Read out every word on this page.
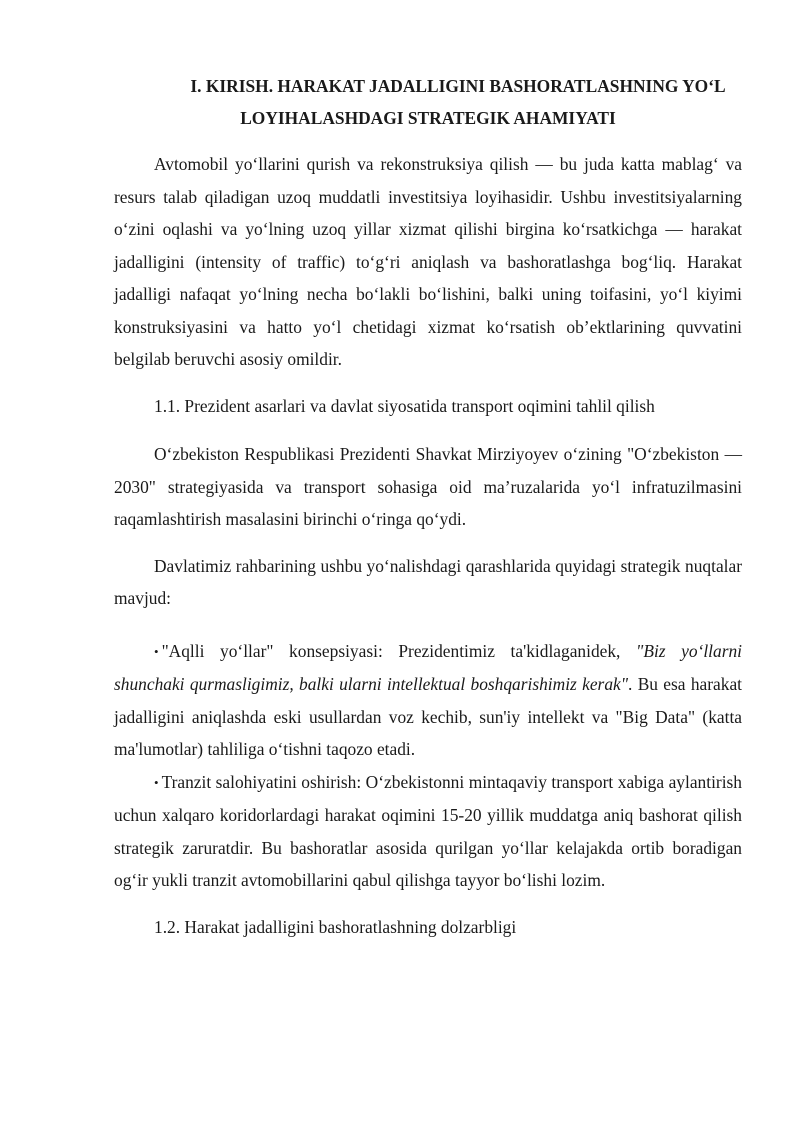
I. KIRISH. HARAKAT JADALLIGINI BASHORATLASHNING YO‘L
LOYIHALASHDAGI STRATEGIK AHAMIYATI

Avtomobil yo‘llarini qurish va rekonstruksiya qilish — bu juda katta mablag‘ va resurs talab qiladigan uzoq muddatli investitsiya loyihasidir. Ushbu investitsiyalarning o‘zini oqlashi va yo‘lning uzoq yillar xizmat qilishi birgina ko‘rsatkichga — harakat jadalligini (intensity of traffic) to‘g‘ri aniqlash va bashoratlashga bog‘liq. Harakat jadalligi nafaqat yo‘lning necha bo‘lakli bo‘lishini, balki uning toifasini, yo‘l kiyimi konstruksiyasini va hatto yo‘l chetidagi xizmat ko‘rsatish ob’ektlarining quvvatini belgilab beruvchi asosiy omildir.

1.1. Prezident asarlari va davlat siyosatida transport oqimini tahlil qilish

O‘zbekiston Respublikasi Prezidenti Shavkat Mirziyoyev o‘zining "O‘zbekiston — 2030" strategiyasida va transport sohasiga oid ma’ruzalarida yo‘l infratuzilmasini raqamlashtirish masalasini birinchi o‘ringa qo‘ydi.

Davlatimiz rahbarining ushbu yo‘nalishdagi qarashlarida quyidagi strategik nuqtalar mavjud:

• "Aqlli yo‘llar" konsepsiyasi: Prezidentimiz ta'kidlaganidek, "Biz yo‘llarni shunchaki qurmasligimiz, balki ularni intellektual boshqarishimiz kerak". Bu esa harakat jadalligini aniqlashda eski usullardan voz kechib, sun'iy intellekt va "Big Data" (katta ma'lumotlar) tahliliga o‘tishni taqozo etadi.

• Tranzit salohiyatini oshirish: O‘zbekistonni mintaqaviy transport xabiga aylantirish uchun xalqaro koridorlardagi harakat oqimini 15-20 yillik muddatga aniq bashorat qilish strategik zaruratdir. Bu bashoratlar asosida qurilgan yo‘llar kelajakda ortib boradigan og‘ir yukli tranzit avtomobillarini qabul qilishga tayyor bo‘lishi lozim.

1.2. Harakat jadalligini bashoratlashning dolzarbligi
